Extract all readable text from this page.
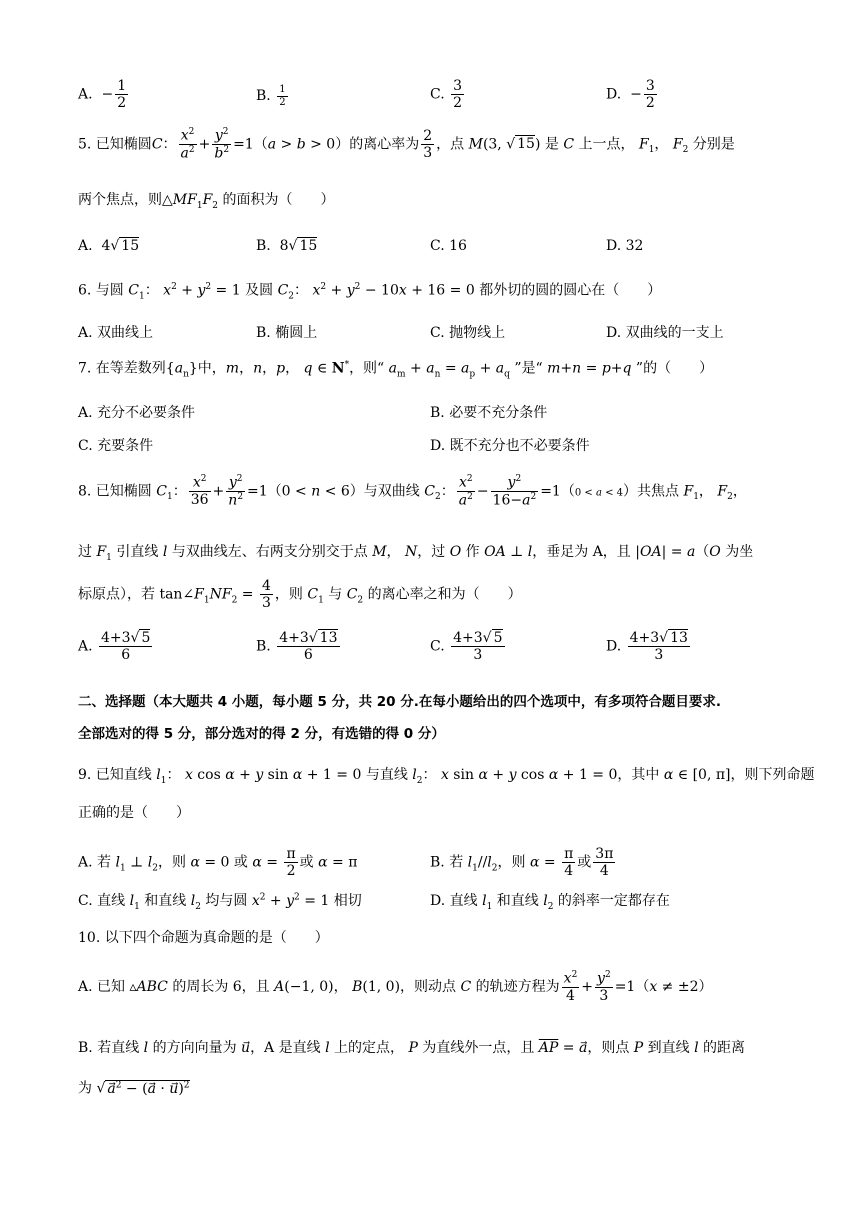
A.  − $\frac{1}{2}$	B. $\frac{1}{2}$	C. $\frac{3}{2}$	D.  − $\frac{3}{2}$
5. 已知椭圆C： $\frac{x^2}{a^2} + \frac{y^2}{b^2} =1(a > b > 0)$的离心率为 $\frac{2}{3}$ ，点 M(3, √ 15) 是 C 上一点， $F_1$， $F_2$ 分别是
两个焦点，则$\triangle MF_1F_2$ 的面积为（　　）
A.  4√ 15	B.  8√ 15	C. 16	D. 32
6. 与圆 $C_1$： $x^2 + y^2 = 1$ 及圆 $C_2$： $x^2 + y^2 - 10x + 16 = 0$ 都外切的圆的圆心在（　　）
A. 双曲线上	B. 椭圆上	C. 抛物线上	D. 双曲线的一支上
7. 在等差数列$\{a_n\}$中，m，n，p， q ∈ N*，则“ $a_m + a_n = a_p + a_q$ ”是“ m+n = p+q ”的（　　）
A. 充分不必要条件	B. 必要不充分条件
C. 充要条件	D. 既不充分也不必要条件
8. 已知椭圆 $C_1$： $\frac{x^2}{36} + \frac{y^2}{n^2} =1(0 < n < 6)$与双曲线 $C_2$： $\frac{x^2}{a^2} - \frac{y^2}{16-a^2} =1(0 < a < 4)$共焦点 $F_1$， $F_2$，
过 $F_1$ 引直线 l 与双曲线左、右两支分别交于点 M， N，过 O 作 OA ⊥ l，垂足为 A，且 |OA| = a（O 为坐
标原点），若 $\tan\angle F_1NF_2 = \frac{4}{3}$ ，则 $C_1$ 与 $C_2$ 的离心率之和为（　　）
A. $\frac{4+3√ 5}{6}$	B. $\frac{4+3√ 13}{6}$	C. $\frac{4+3√ 5}{3}$	D. $\frac{4+3√ 13}{3}$
二、选择题（本大题共 4 小题，每小题 5 分，共 20 分.在每小题给出的四个选项中，有多项符合题目要求.
全部选对的得 5 分，部分选对的得 2 分，有选错的得 0 分）
9. 已知直线 $l_1$： x cos α + y sin α + 1 = 0 与直线 $l_2$： x sin α + y cos α + 1 = 0，其中 α ∈ [0, π]，则下列命题
正确的是（　　）
A. 若 $l_1$ ⊥ $l_2$，则 α = 0 或 $\alpha = \frac{\pi}{2}$ 或 α = π	B. 若 $l_1//l_2$，则 $\alpha = \frac{\pi}{4}$ 或 $\frac{3\pi}{4}$
C. 直线 $l_1$ 和直线 $l_2$ 均与圆 $x^2 + y^2 = 1$ 相切	D. 直线 $l_1$ 和直线 $l_2$ 的斜率一定都存在
10. 以下四个命题为真命题的是（　　）
A. 已知 ▵ABC 的周长为 6，且 A(−1, 0)， B(1, 0)，则动点 C 的轨迹方程为 $\frac{x^2}{4} + \frac{y^2}{3} =1(x \ne \pm 2)$
B. 若直线 l 的方向向量为 u⃗，A 是直线 l 上的定点， P 为直线外一点，且 $\overline{AP}$ = a⃗，则点 P 到直线 l 的距离
为 √ $a^2$ − (a⃗ · u⃗)$^2$
